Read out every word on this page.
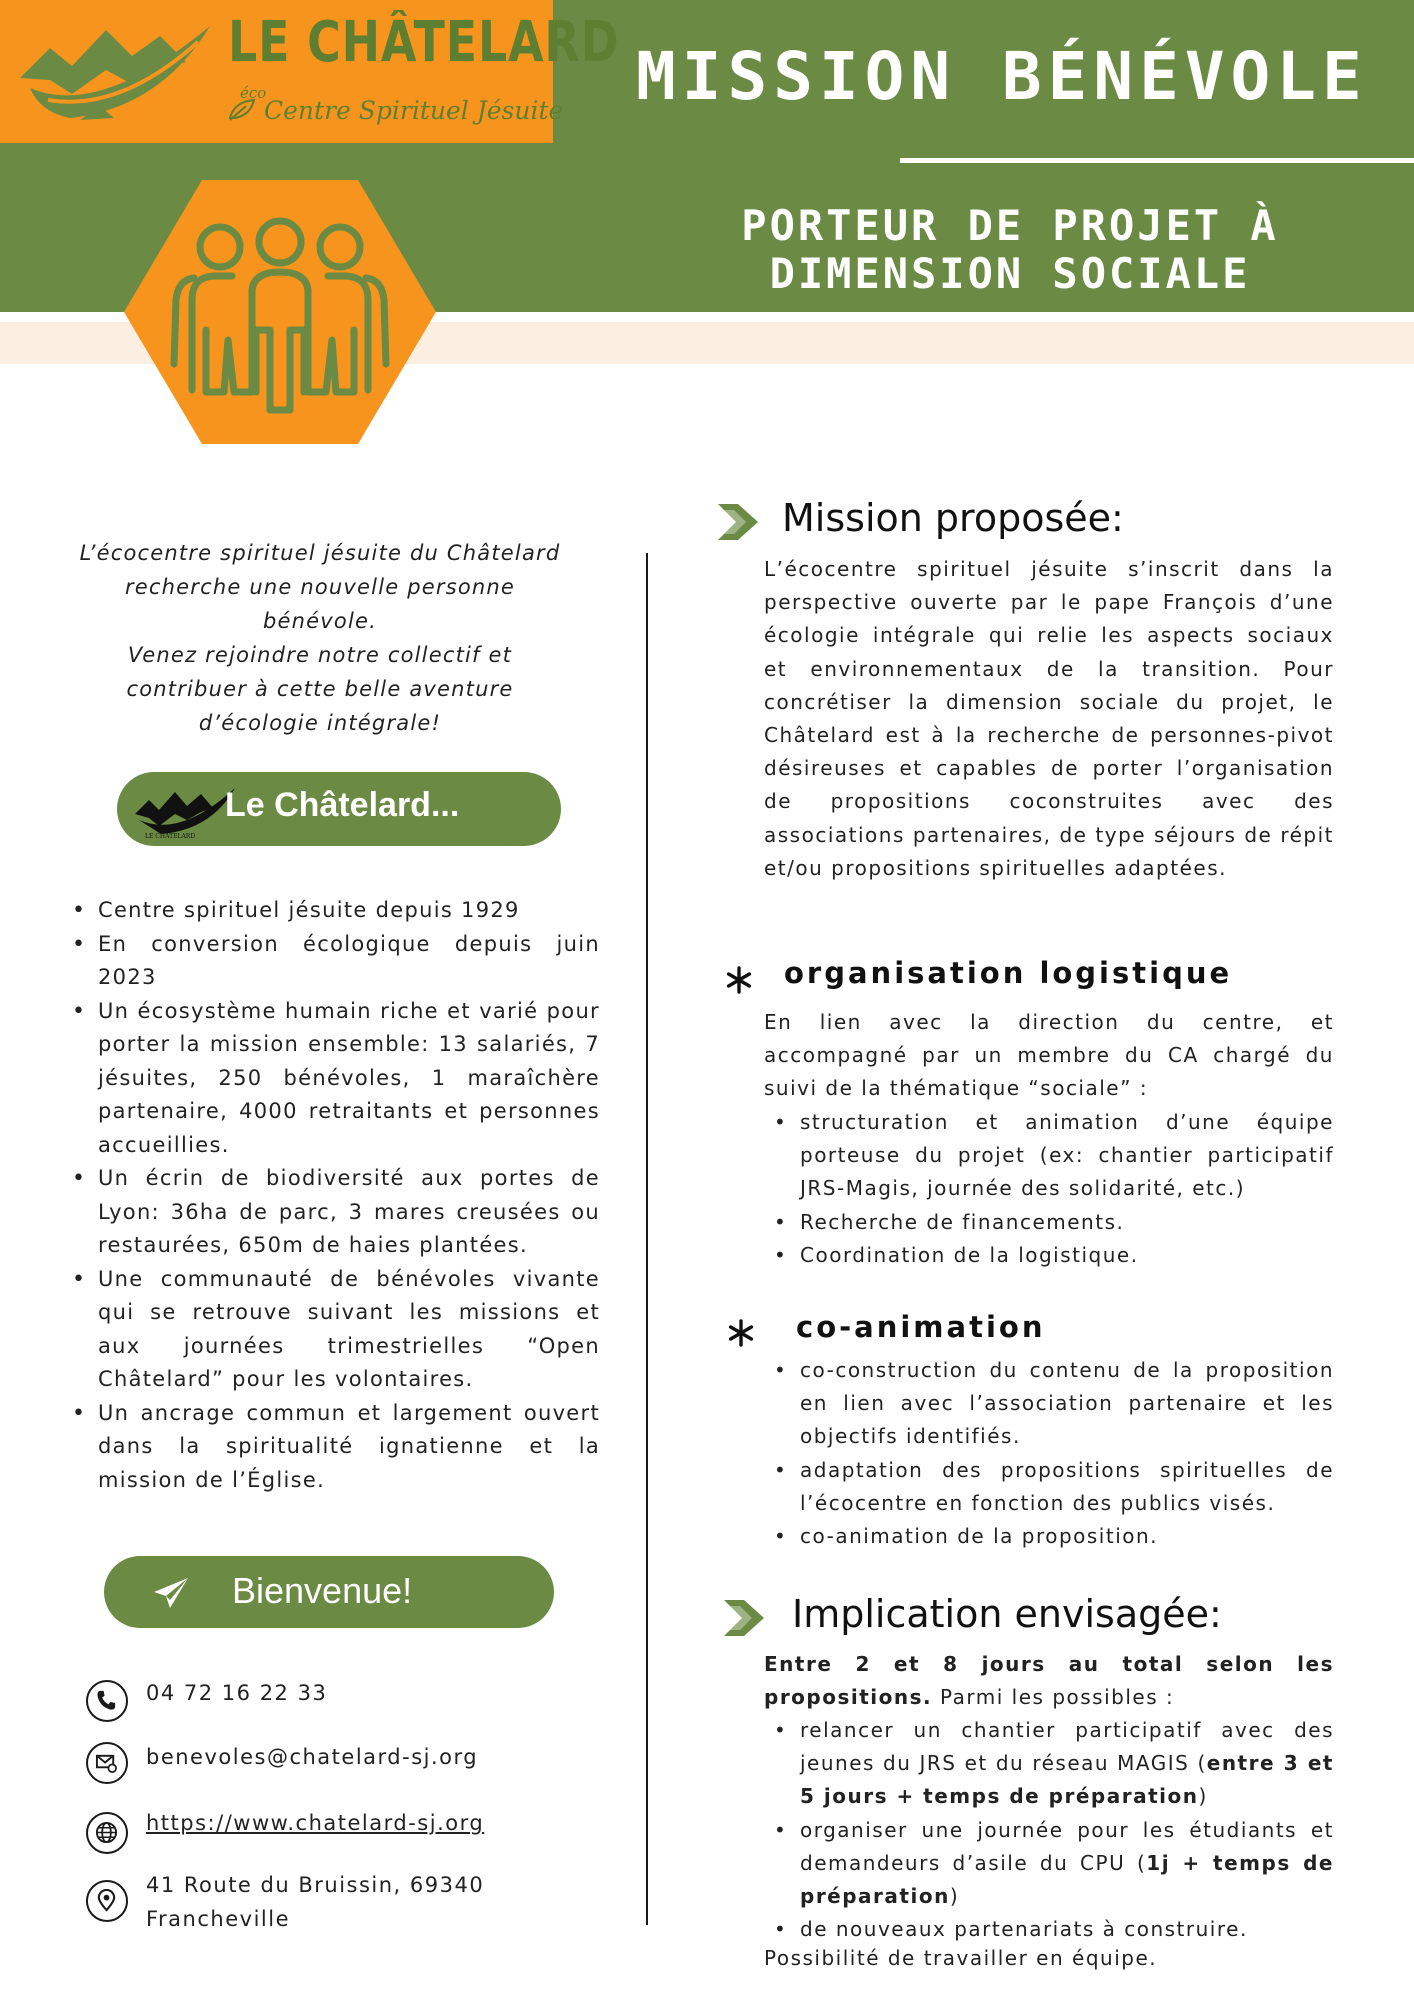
LE CHÂTELARD
éco
Centre Spirituel Jésuite MISSION BÉNÉVOLE
PORTEUR DE PROJET À
DIMENSION SOCIALE
L’écocentre spirituel jésuite du Châtelard
recherche une nouvelle personne
bénévole.
Venez rejoindre notre collectif et
contribuer à cette belle aventure
d’écologie intégrale!
LE CHÂTELARD
Le Châtelard...
• Centre spirituel jésuite depuis 1929
• En conversion écologique depuis juin 2023
• Un écosystème humain riche et varié pour porter la mission ensemble: 13 salariés, 7 jésuites, 250 bénévoles, 1 maraîchère partenaire, 4000 retraitants et personnes accueillies.
• Un écrin de biodiversité aux portes de Lyon: 36ha de parc, 3 mares creusées ou restaurées, 650m de haies plantées.
• Une communauté de bénévoles vivante qui se retrouve suivant les missions et aux journées trimestrielles “Open Châtelard” pour les volontaires.
• Un ancrage commun et largement ouvert dans la spiritualité ignatienne et la mission de l’Église.
Bienvenue!
04 72 16 22 33
benevoles@chatelard-sj.org
https://www.chatelard-sj.org
41 Route du Bruissin, 69340
Francheville
Mission proposée:
L’écocentre spirituel jésuite s’inscrit dans la perspective ouverte par le pape François d’une écologie intégrale qui relie les aspects sociaux et environnementaux de la transition. Pour concrétiser la dimension sociale du projet, le Châtelard est à la recherche de personnes-pivot désireuses et capables de porter l’organisation de propositions coconstruites avec des associations partenaires, de type séjours de répit et/ou propositions spirituelles adaptées.
organisation logistique
En lien avec la direction du centre, et accompagné par un membre du CA chargé du suivi de la thématique “sociale” :
• structuration et animation d’une équipe porteuse du projet (ex: chantier participatif JRS-Magis, journée des solidarité, etc.)
• Recherche de financements.
• Coordination de la logistique.
co-animation
• co-construction du contenu de la proposition en lien avec l’association partenaire et les objectifs identifiés.
• adaptation des propositions spirituelles de l’écocentre en fonction des publics visés.
• co-animation de la proposition.
Implication envisagée:
Entre 2 et 8 jours au total selon les propositions. Parmi les possibles :
• relancer un chantier participatif avec des jeunes du JRS et du réseau MAGIS (entre 3 et 5 jours + temps de préparation)
• organiser une journée pour les étudiants et demandeurs d’asile du CPU (1j + temps de préparation)
• de nouveaux partenariats à construire.
Possibilité de travailler en équipe.
